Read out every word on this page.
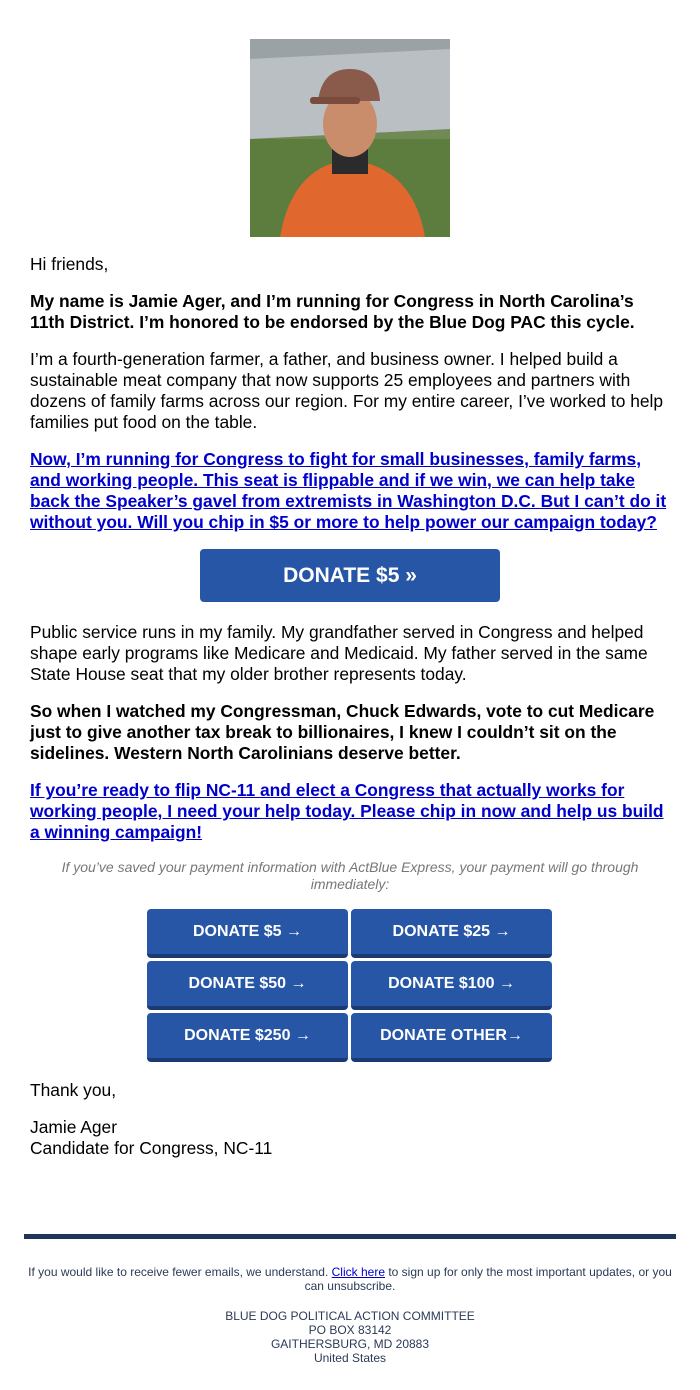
Hi friends,

My name is Jamie Ager, and I’m running for Congress in North Carolina’s 11th District. I’m honored to be endorsed by the Blue Dog PAC this cycle.

I’m a fourth-generation farmer, a father, and business owner. I helped build a sustainable meat company that now supports 25 employees and partners with dozens of family farms across our region. For my entire career, I’ve worked to help families put food on the table.

Now, I’m running for Congress to fight for small businesses, family farms, and working people. This seat is flippable and if we win, we can help take back the Speaker’s gavel from extremists in Washington D.C. But I can’t do it without you. Will you chip in $5 or more to help power our campaign today?

DONATE $5 »

Public service runs in my family. My grandfather served in Congress and helped shape early programs like Medicare and Medicaid. My father served in the same State House seat that my older brother represents today.

So when I watched my Congressman, Chuck Edwards, vote to cut Medicare just to give another tax break to billionaires, I knew I couldn’t sit on the sidelines. Western North Carolinians deserve better.

If you’re ready to flip NC-11 and elect a Congress that actually works for working people, I need your help today. Please chip in now and help us build a winning campaign!

If you’ve saved your payment information with ActBlue Express, your payment will go through immediately:

DONATE $5 →	DONATE $25 →
DONATE $50 →	DONATE $100 →
DONATE $250 →	DONATE OTHER→

Thank you,

Jamie Ager
Candidate for Congress, NC-11

If you would like to receive fewer emails, we understand. Click here to sign up for only the most important updates, or you can unsubscribe.
BLUE DOG POLITICAL ACTION COMMITTEE
PO BOX 83142
GAITHERSBURG, MD 20883
United States
